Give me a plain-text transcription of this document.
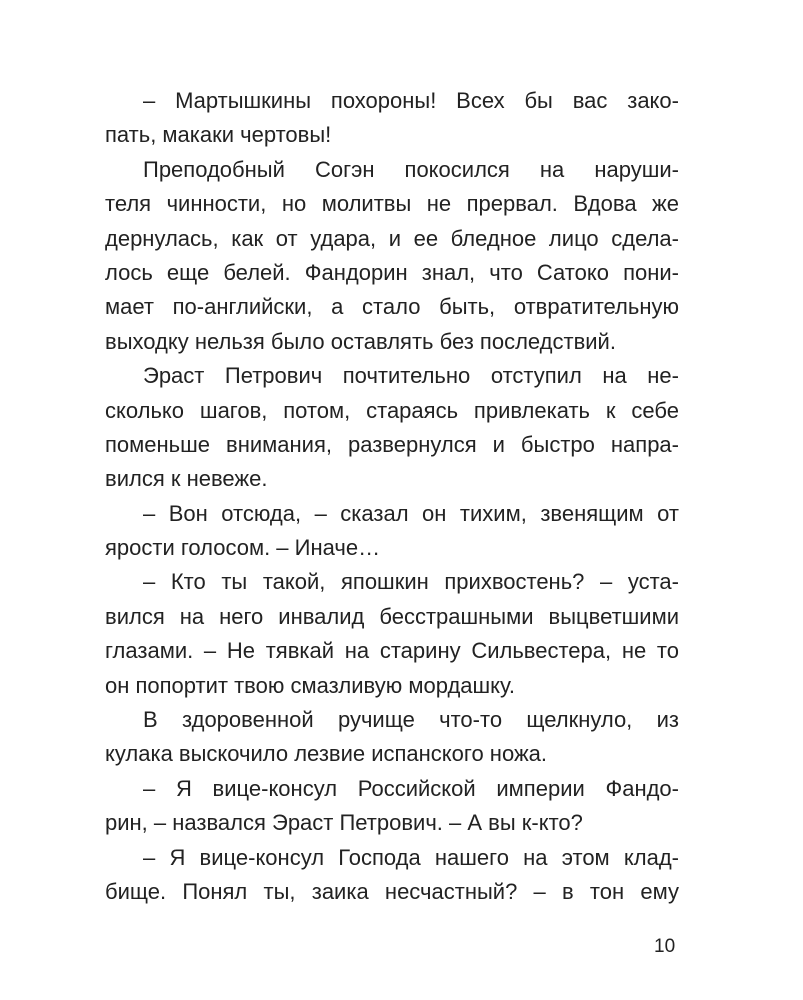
– Мартышкины похороны! Всех бы вас зако-
пать, макаки чертовы!
Преподобный Согэн покосился на наруши-
теля чинности, но молитвы не прервал. Вдова же
дернулась, как от удара, и ее бледное лицо сдела-
лось еще белей. Фандорин знал, что Сатоко пони-
мает по-английски, а стало быть, отвратительную
выходку нельзя было оставлять без последствий.
Эраст Петрович почтительно отступил на не-
сколько шагов, потом, стараясь привлекать к себе
поменьше внимания, развернулся и быстро напра-
вился к невеже.
– Вон отсюда, – сказал он тихим, звенящим от
ярости голосом. – Иначе…
– Кто ты такой, япошкин прихвостень? – уста-
вился на него инвалид бесстрашными выцветшими
глазами. – Не тявкай на старину Сильвестера, не то
он попортит твою смазливую мордашку.
В здоровенной ручище что-то щелкнуло, из
кулака выскочило лезвие испанского ножа.
– Я вице-консул Российской империи Фандо-
рин, – назвался Эраст Петрович. – А вы к-кто?
– Я вице-консул Господа нашего на этом клад-
бище. Понял ты, заика несчастный? – в тон ему
10
